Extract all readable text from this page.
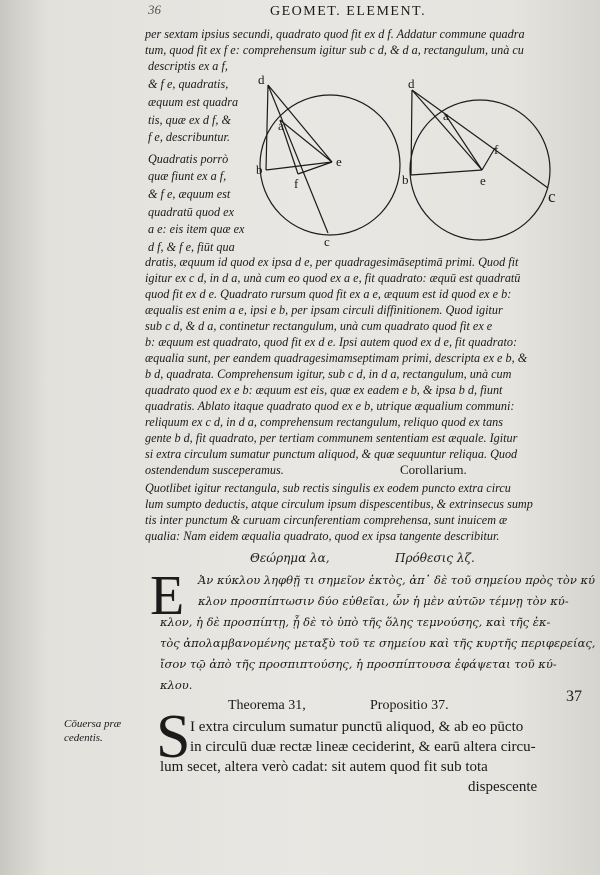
36	GEOMET. ELEMENT.
per sextam ipsius secundi, quadrato quod fit ex d f. Addatur commune quadra
tum, quod fit ex f e: comprehensum igitur sub c d, & d a, rectangulum, unà cu
descriptis ex a f,
& f e, quadratis,
æquum est quadra
tis, quæ ex d f, &
f e, describuntur.
Quadratis porrò
quæ fiunt ex a f,
& f e, æquum est
quadratū quod ex
a e: eis item quæ ex
d f, & f e, fiūt qua
d
a
e
b
f
c
d
a
f
b	e
c
dratis, æquum id quod ex ipsa d e, per quadragesimāseptimā primi. Quod fit
igitur ex c d, in d a, unà cum eo quod ex a e, fit quadrato: æquū est quadratū
quod fit ex d e. Quadrato rursum quod fit ex a e, æquum est id quod ex e b:
æqualis est enim a e, ipsi e b, per ipsam circuli diffinitionem. Quod igitur
sub c d, & d a, continetur rectangulum, unà cum quadrato quod fit ex e
b: æquum est quadrato, quod fit ex d e. Ipsi autem quod ex d e, fit quadrato:
æqualia sunt, per eandem quadragesimamseptimam primi, descripta ex e b, &
b d, quadrata. Comprehensum igitur, sub c d, in d a, rectangulum, unà cum
quadrato quod ex e b: æquum est eis, quæ ex eadem e b, & ipsa b d, fiunt
quadratis. Ablato itaque quadrato quod ex e b, utrique æqualium communi:
reliquum ex c d, in d a, comprehensum rectangulum, reliquo quod ex tans
gente b d, fit quadrato, per tertiam communem sententiam est æquale. Igitur
si extra circulum sumatur punctum aliquod, & quæ sequuntur reliqua. Quod
ostendendum susceperamus.	Corollarium.
Quotlibet igitur rectangula, sub rectis singulis ex eodem puncto extra circu
lum sumpto deductis, atque circulum ipsum dispescentibus, & extrinsecus sump
tis inter punctum & curuam circunferentiam comprehensa, sunt inuicem æ
qualia: Nam eidem æqualia quadrato, quod ex ipsa tangente describitur.
Θεώρημα λα,	Πρόθεσις λζ.
E Ἀν κύκλου ληφθῇ τι σημεῖον ἐκτὸς, ἀπ᾽ δὲ τοῦ σημείου πρὸς τὸν κύ
κλον προσπίπτωσιν δύο εὐθεῖαι, ὧν ἡ μὲν αὐτῶν τέμνῃ τὸν κύ-
κλον, ἡ δὲ προσπίπτῃ, ᾖ δὲ τὸ ὑπὸ τῆς ὅλης τεμνούσης, καὶ τῆς ἐκ-
τὸς ἀπολαμβανομένης μεταξὺ τοῦ τε σημείου καὶ τῆς κυρτῆς περιφερείας,
ἴσον τῷ ἀπὸ τῆς προσπιπτούσης, ἡ προσπίπτουσα ἐφάψεται τοῦ κύ-
κλου.
Theorema 31,	Propositio 37.
Cōuersa præ
cedentis.
37
S I extra circulum sumatur punctū aliquod, & ab eo pūcto
in circulū duæ rectæ lineæ ceciderint, & earū altera circu-
lum secet, altera verò cadat: sit autem quod fit sub tota
dispescente
